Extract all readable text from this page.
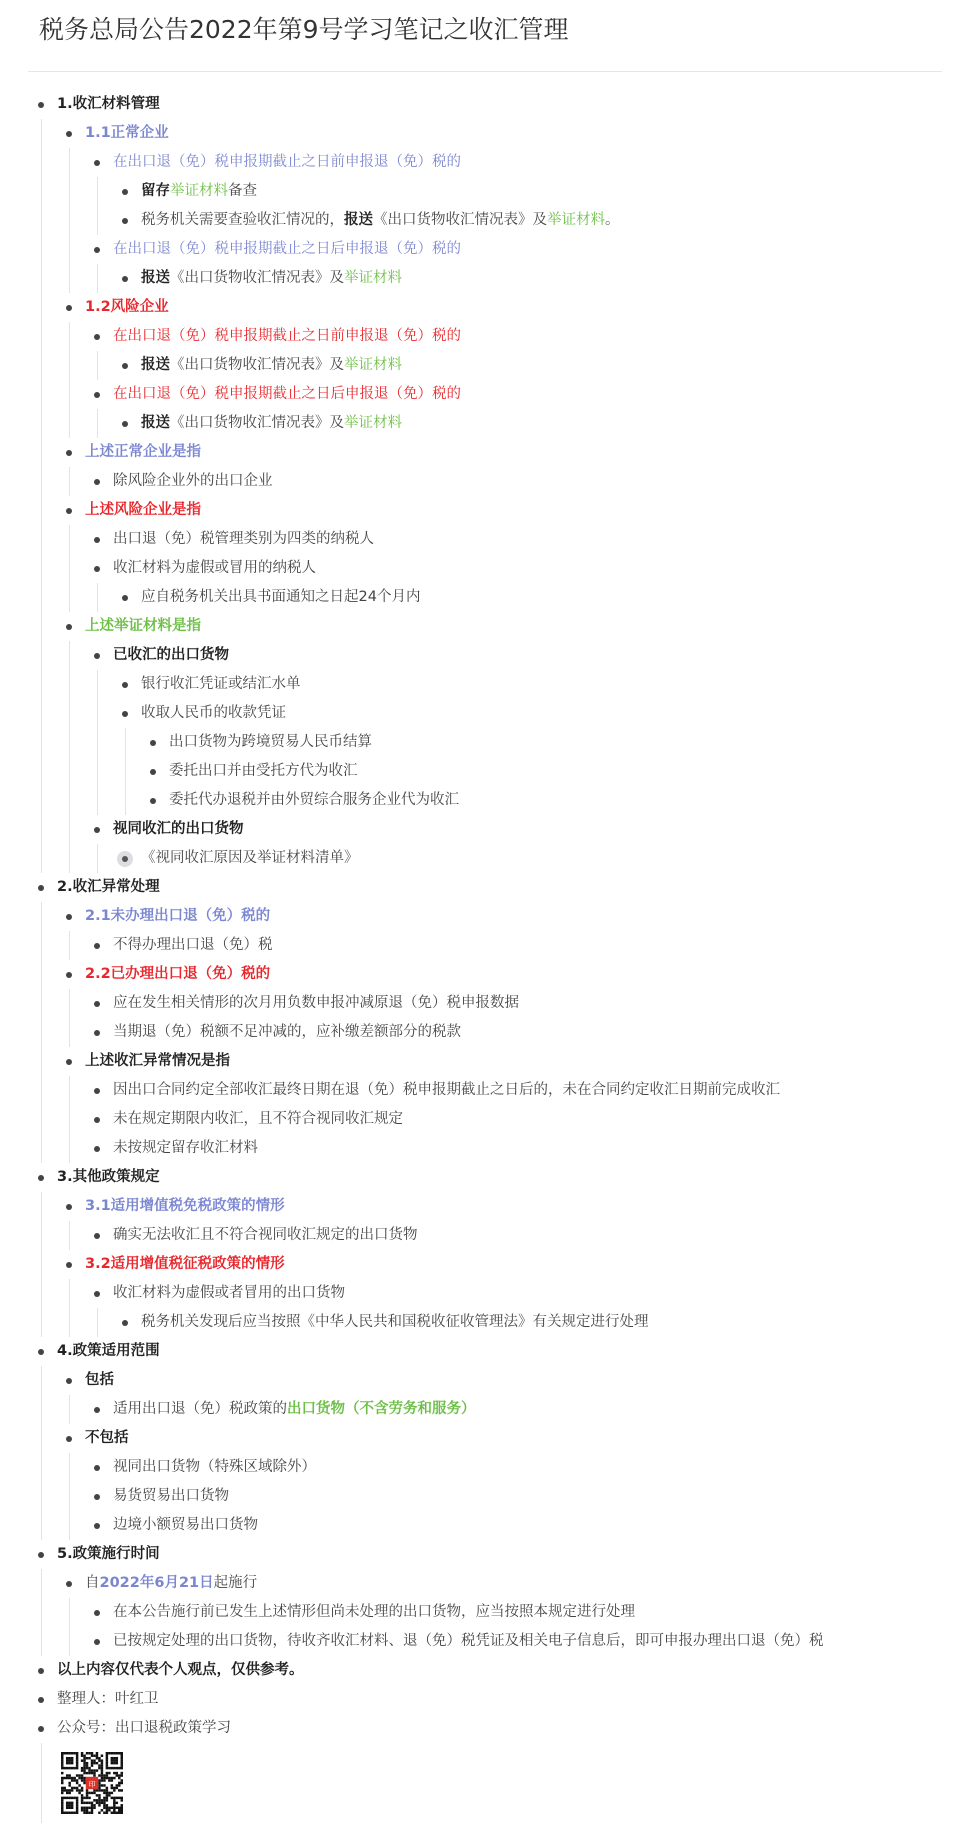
税务总局公告2022年第9号学习笔记之收汇管理
1.收汇材料管理
1.1正常企业
在出口退（免）税申报期截止之日前申报退（免）税的
留存举证材料备查
税务机关需要查验收汇情况的，报送《出口货物收汇情况表》及举证材料。
在出口退（免）税申报期截止之日后申报退（免）税的
报送《出口货物收汇情况表》及举证材料
1.2风险企业
在出口退（免）税申报期截止之日前申报退（免）税的
报送《出口货物收汇情况表》及举证材料
在出口退（免）税申报期截止之日后申报退（免）税的
报送《出口货物收汇情况表》及举证材料
上述正常企业是指
除风险企业外的出口企业
上述风险企业是指
出口退（免）税管理类别为四类的纳税人
收汇材料为虚假或冒用的纳税人
应自税务机关出具书面通知之日起24个月内
上述举证材料是指
已收汇的出口货物
银行收汇凭证或结汇水单
收取人民币的收款凭证
出口货物为跨境贸易人民币结算
委托出口并由受托方代为收汇
委托代办退税并由外贸综合服务企业代为收汇
视同收汇的出口货物
《视同收汇原因及举证材料清单》
2.收汇异常处理
2.1未办理出口退（免）税的
不得办理出口退（免）税
2.2已办理出口退（免）税的
应在发生相关情形的次月用负数申报冲减原退（免）税申报数据
当期退（免）税额不足冲减的，应补缴差额部分的税款
上述收汇异常情况是指
因出口合同约定全部收汇最终日期在退（免）税申报期截止之日后的，未在合同约定收汇日期前完成收汇
未在规定期限内收汇，且不符合视同收汇规定
未按规定留存收汇材料
3.其他政策规定
3.1适用增值税免税政策的情形
确实无法收汇且不符合视同收汇规定的出口货物
3.2适用增值税征税政策的情形
收汇材料为虚假或者冒用的出口货物
税务机关发现后应当按照《中华人民共和国税收征收管理法》有关规定进行处理
4.政策适用范围
包括
适用出口退（免）税政策的出口货物（不含劳务和服务）
不包括
视同出口货物（特殊区域除外）
易货贸易出口货物
边境小额贸易出口货物
5.政策施行时间
自2022年6月21日起施行
在本公告施行前已发生上述情形但尚未处理的出口货物，应当按照本规定进行处理
已按规定处理的出口货物，待收齐收汇材料、退（免）税凭证及相关电子信息后，即可申报办理出口退（免）税
以上内容仅代表个人观点，仅供参考。
整理人：叶红卫
公众号：出口退税政策学习
印
